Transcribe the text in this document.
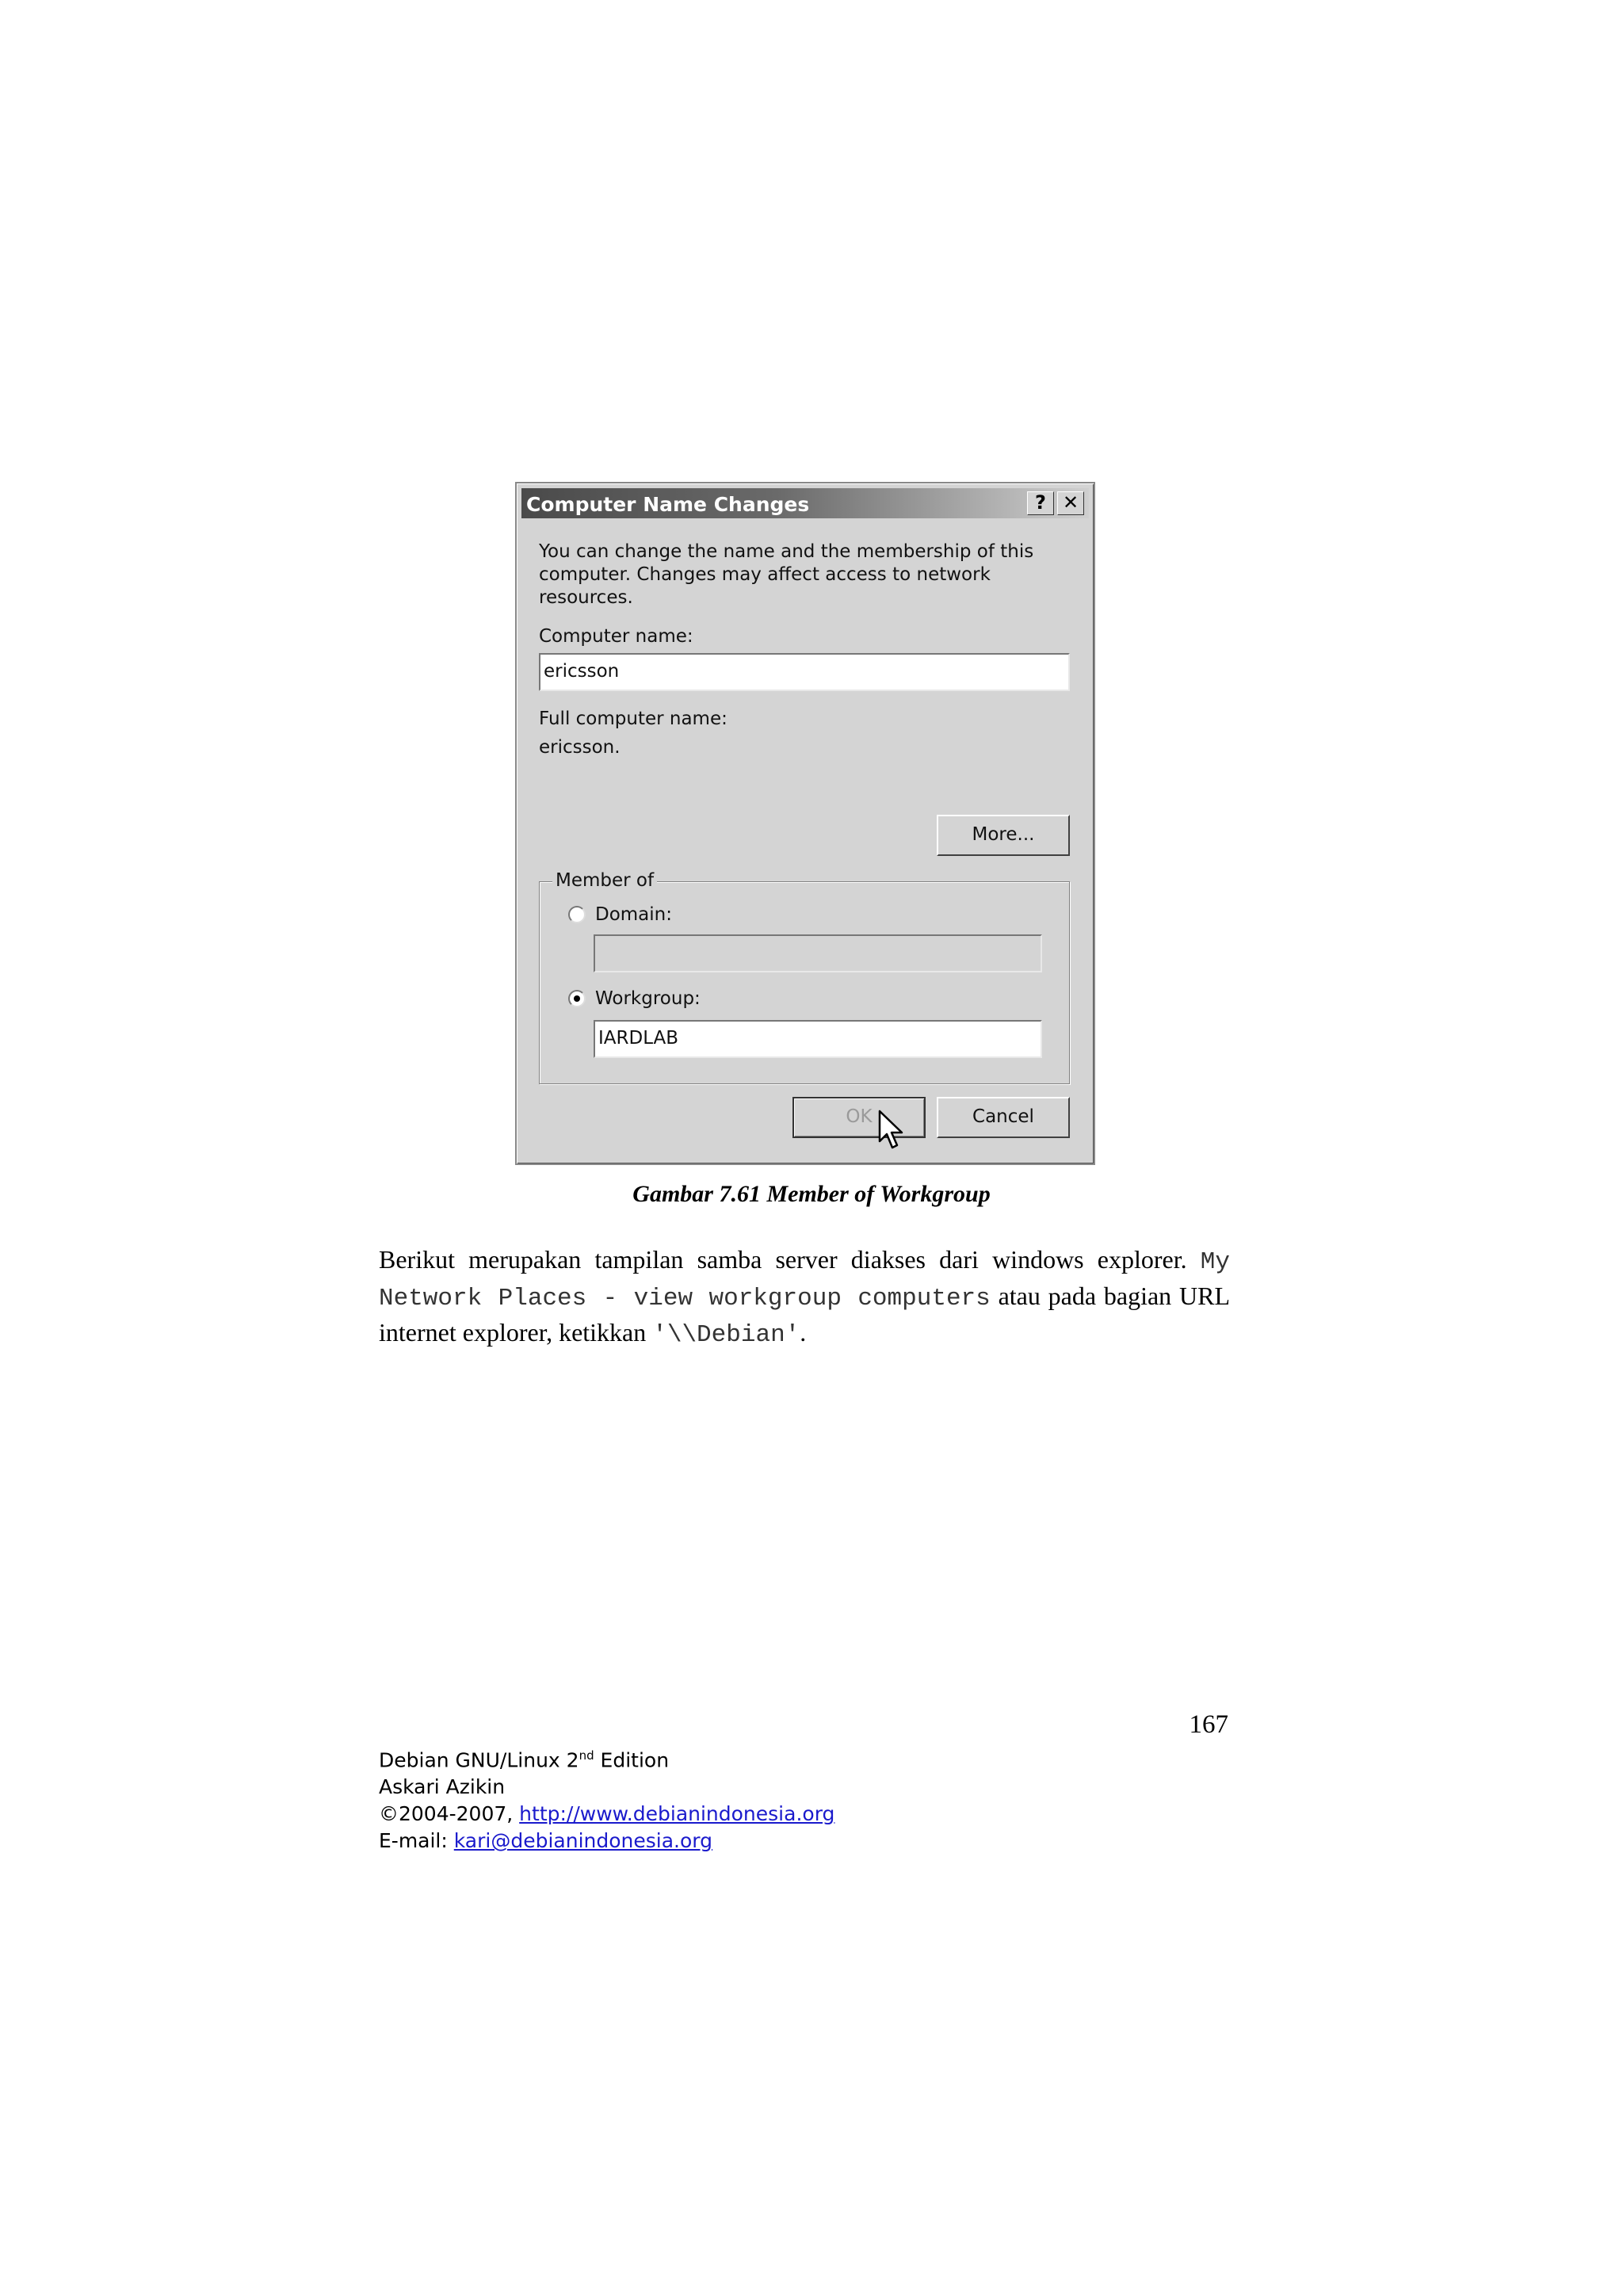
Computer Name Changes	? ✕
You can change the name and the membership of this
computer. Changes may affect access to network resources.
Computer name:
ericsson
Full computer name:
ericsson.
More...
Member of
Domain:
Workgroup:
IARDLAB
OK	Cancel
Gambar 7.61 Member of Workgroup
Berikut merupakan tampilan samba server diakses dari windows explorer. My Network Places - view workgroup computers atau pada bagian URL internet explorer, ketikkan '\\Debian'.
167
Debian GNU/Linux 2nd Edition
Askari Azikin
©2004-2007, http://www.debianindonesia.org
E-mail: kari@debianindonesia.org
